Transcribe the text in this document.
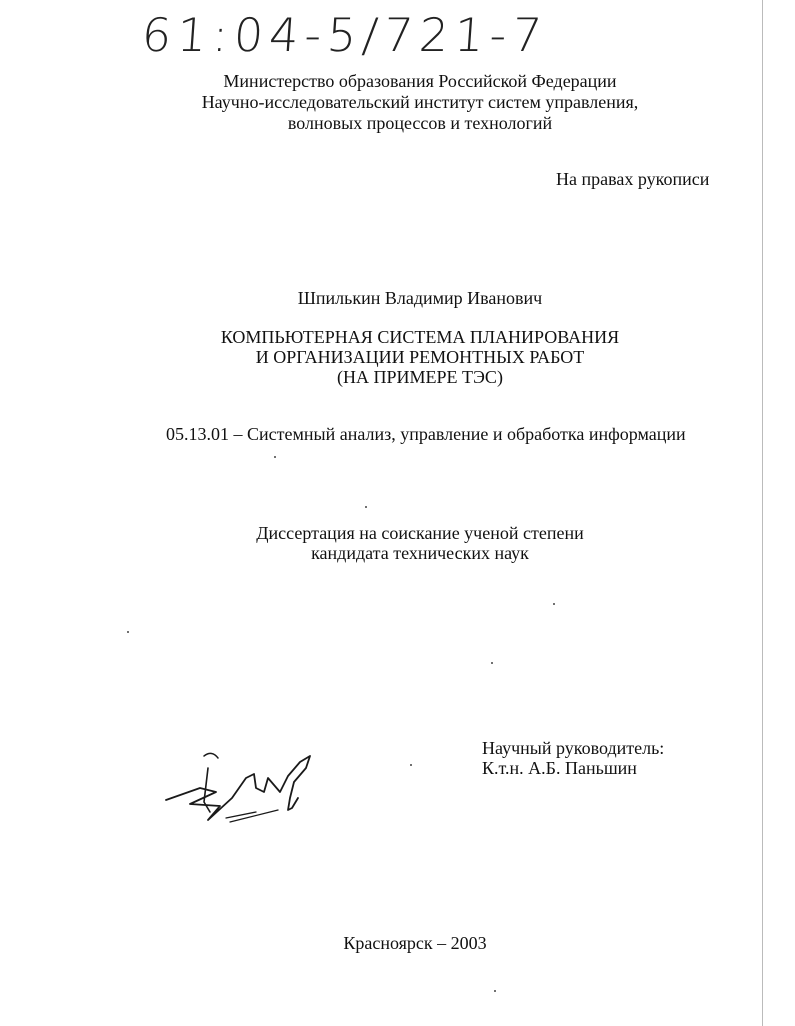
61:04-5/721-7
Министерство образования Российской Федерации
Научно-исследовательский институт систем управления,
волновых процессов и технологий
На правах рукописи
Шпилькин Владимир Иванович
КОМПЬЮТЕРНАЯ СИСТЕМА ПЛАНИРОВАНИЯ
И ОРГАНИЗАЦИИ РЕМОНТНЫХ РАБОТ
(НА ПРИМЕРЕ ТЭС)
05.13.01 – Системный анализ, управление и обработка информации
Диссертация на соискание ученой степени
кандидата технических наук
Научный руководитель:
К.т.н. А.Б. Паньшин
Красноярск – 2003
